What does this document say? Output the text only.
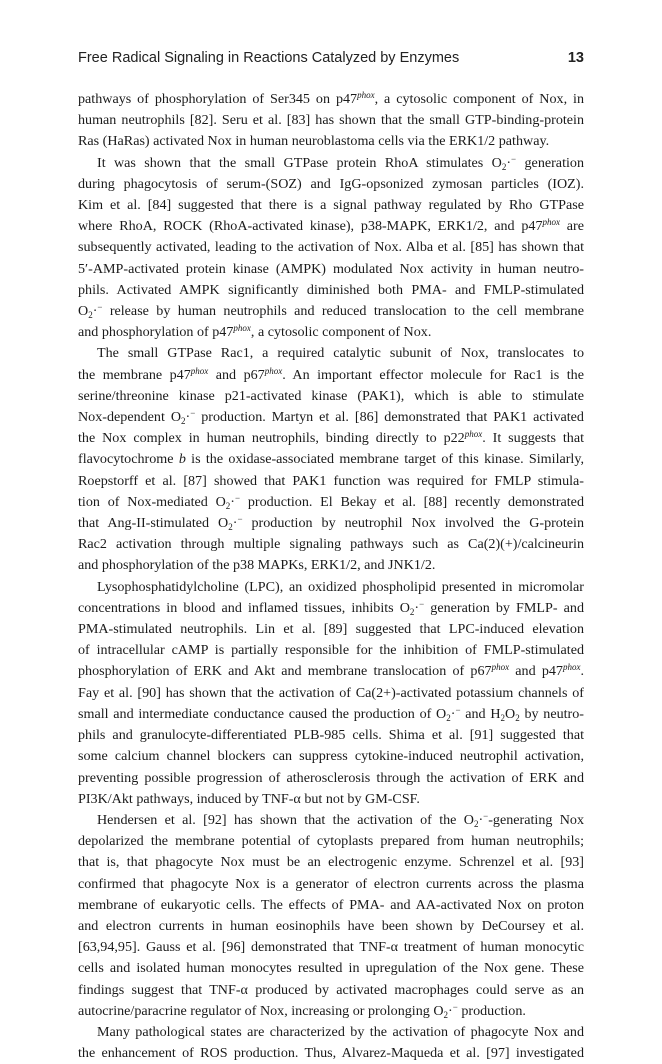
Free Radical Signaling in Reactions Catalyzed by Enzymes	13

pathways of phosphorylation of Ser345 on $p47^{phox}$, a cytosolic component of Nox, in
human neutrophils [82]. Seru et al. [83] has shown that the small GTP-binding-protein
Ras (HaRas) activated Nox in human neuroblastoma cells via the ERK1/2 pathway.

It was shown that the small GTPase protein RhoA stimulates $O_2\cdot^-$ generation
during phagocytosis of serum-(SOZ) and IgG-opsonized zymosan particles (IOZ).
Kim et al. [84] suggested that there is a signal pathway regulated by Rho GTPase
where RhoA, ROCK (RhoA-activated kinase), p38-MAPK, ERK1/2, and $p47^{phox}$ are
subsequently activated, leading to the activation of Nox. Alba et al. [85] has shown that
5′-AMP-activated protein kinase (AMPK) modulated Nox activity in human neutro-
phils. Activated AMPK significantly diminished both PMA- and FMLP-stimulated
$O_2\cdot^-$ release by human neutrophils and reduced translocation to the cell membrane
and phosphorylation of $p47^{phox}$, a cytosolic component of Nox.

The small GTPase Rac1, a required catalytic subunit of Nox, translocates to
the membrane $p47^{phox}$ and $p67^{phox}$. An important effector molecule for Rac1 is the
serine/threonine kinase p21-activated kinase (PAK1), which is able to stimulate
Nox-dependent $O_2\cdot^-$ production. Martyn et al. [86] demonstrated that PAK1 activated
the Nox complex in human neutrophils, binding directly to $p22^{phox}$. It suggests that
flavocytochrome b is the oxidase-associated membrane target of this kinase. Similarly,
Roepstorff et al. [87] showed that PAK1 function was required for FMLP stimula-
tion of Nox-mediated $O_2\cdot^-$ production. El Bekay et al. [88] recently demonstrated
that Ang-II-stimulated $O_2\cdot^-$ production by neutrophil Nox involved the G-protein
Rac2 activation through multiple signaling pathways such as Ca(2)(+)/calcineurin
and phosphorylation of the p38 MAPKs, ERK1/2, and JNK1/2.

Lysophosphatidylcholine (LPC), an oxidized phospholipid presented in micromolar
concentrations in blood and inflamed tissues, inhibits $O_2\cdot^-$ generation by FMLP- and
PMA-stimulated neutrophils. Lin et al. [89] suggested that LPC-induced elevation
of intracellular cAMP is partially responsible for the inhibition of FMLP-stimulated
phosphorylation of ERK and Akt and membrane translocation of $p67^{phox}$ and $p47^{phox}$.
Fay et al. [90] has shown that the activation of Ca(2+)-activated potassium channels of
small and intermediate conductance caused the production of $O_2\cdot^-$ and $H_2O_2$ by neutro-
phils and granulocyte-differentiated PLB-985 cells. Shima et al. [91] suggested that
some calcium channel blockers can suppress cytokine-induced neutrophil activation,
preventing possible progression of atherosclerosis through the activation of ERK and
PI3K/Akt pathways, induced by TNF-α but not by GM-CSF.

Hendersen et al. [92] has shown that the activation of the $O_2\cdot^-$-generating Nox
depolarized the membrane potential of cytoplasts prepared from human neutrophils;
that is, that phagocyte Nox must be an electrogenic enzyme. Schrenzel et al. [93]
confirmed that phagocyte Nox is a generator of electron currents across the plasma
membrane of eukaryotic cells. The effects of PMA- and AA-activated Nox on proton
and electron currents in human eosinophils have been shown by DeCoursey et al.
[63,94,95]. Gauss et al. [96] demonstrated that TNF-α treatment of human monocytic
cells and isolated human monocytes resulted in upregulation of the Nox gene. These
findings suggest that TNF-α produced by activated macrophages could serve as an
autocrine/paracrine regulator of Nox, increasing or prolonging $O_2\cdot^-$ production.

Many pathological states are characterized by the activation of phagocyte Nox and
the enhancement of ROS production. Thus, Alvarez-Maqueda et al. [97] investigated
